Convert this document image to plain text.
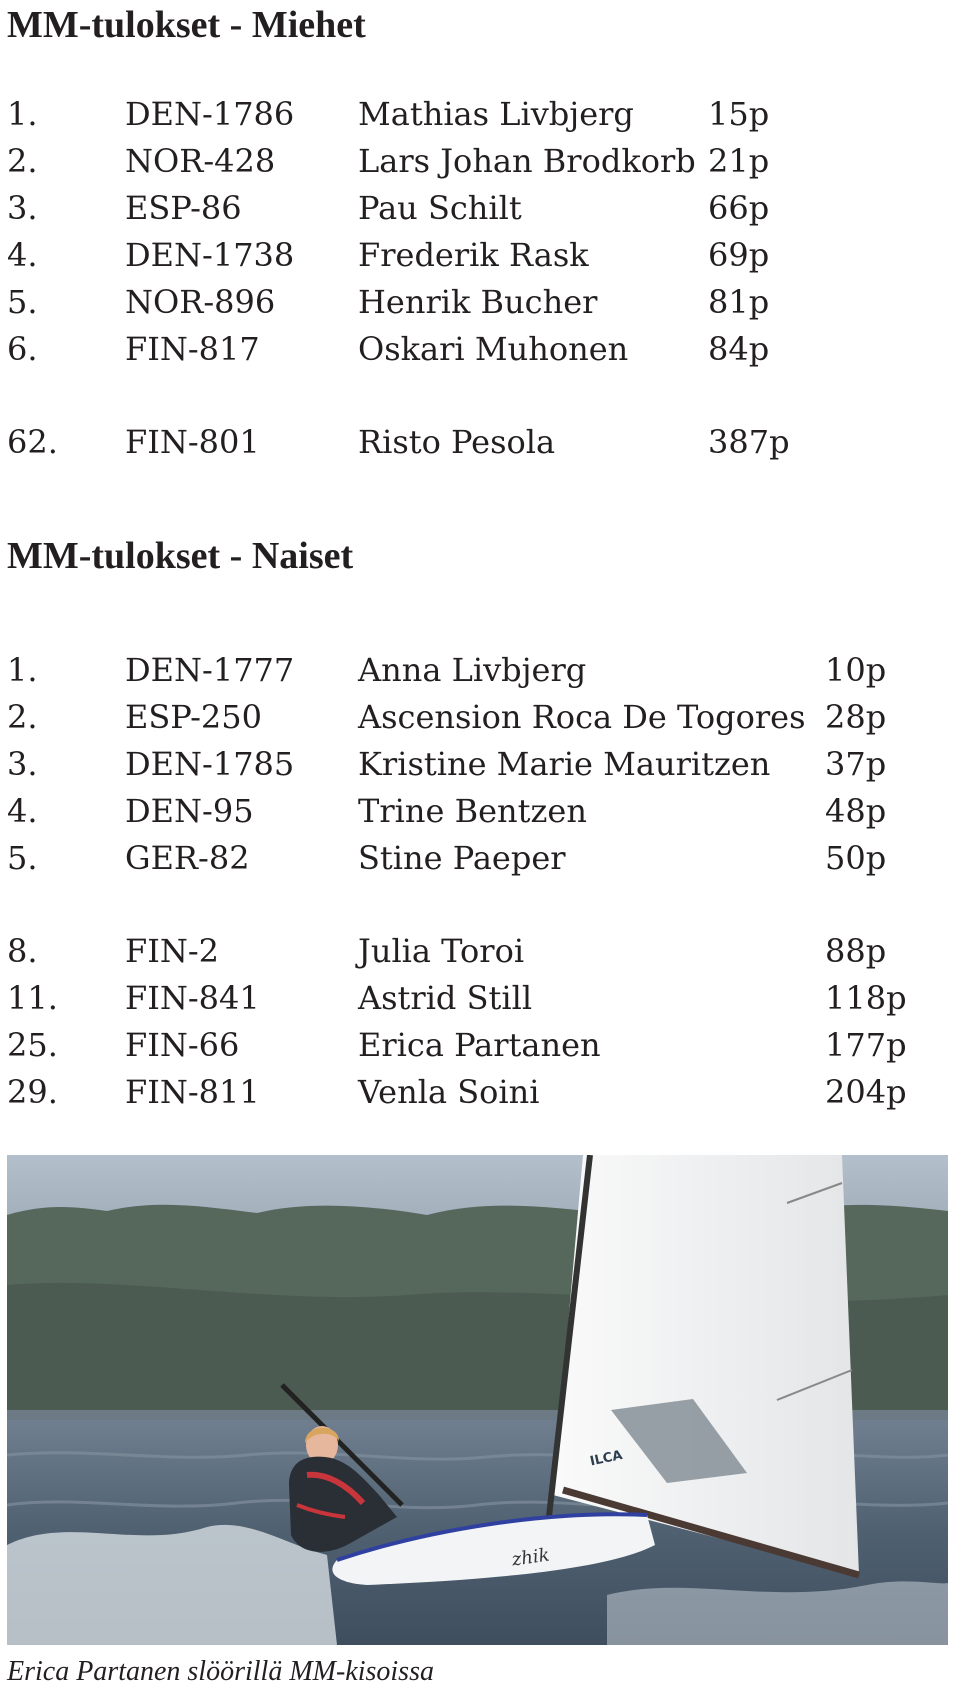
MM-tulokset - Miehet
1.	DEN-1786 Mathias Livbjerg 15p
2.	NOR-428	Lars Johan Brodkorb 21p
3.	ESP-86	Pau Schilt	66p
4.	DEN-1738 Frederik Rask	69p
5.	NOR-896	Henrik Bucher	81p
6.	FIN-817	Oskari Muhonen 84p
62. FIN-801	Risto Pesola	387p
MM-tulokset - Naiset
1.	DEN-1777 Anna Livbjerg	10p
2.	ESP-250	Ascension Roca De Togores 28p
3.	DEN-1785 Kristine Marie Mauritzen 37p
4.	DEN-95	Trine Bentzen	48p
5.	GER-82	Stine Paeper	50p
8.	FIN-2	Julia Toroi	88p
11. FIN-841	Astrid Still	118p
25. FIN-66	Erica Partanen	177p
29. FIN-811	Venla Soini	204p
ILCA
zhik

Erica Partanen slöörillä MM-kisoissa
